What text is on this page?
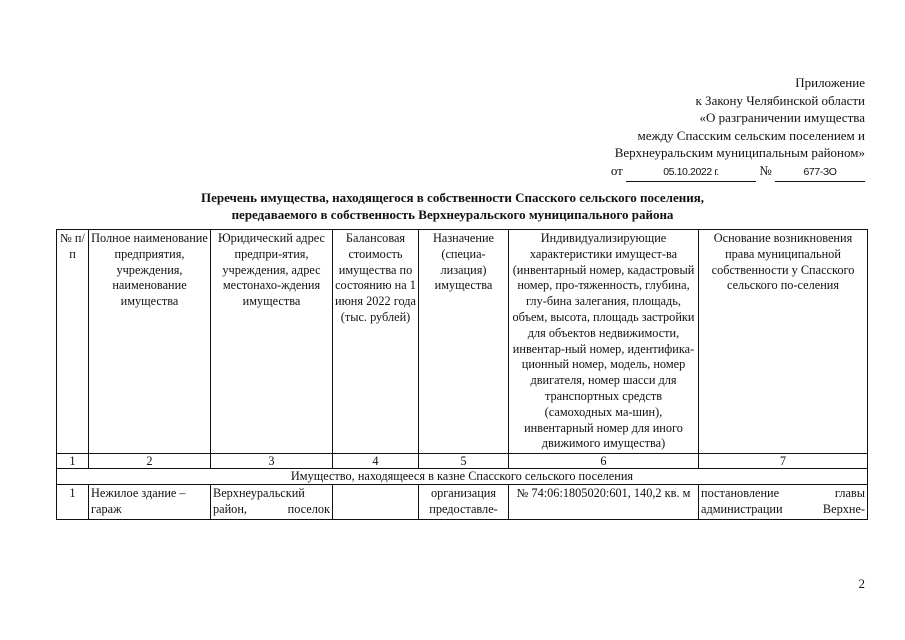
Приложение
к Закону Челябинской области
«О разграничении имущества
между Спасским сельским поселением и
Верхнеуральским муниципальным районом»
от	05.10.2022 г.	№	677-ЗО
Перечень имущества, находящегося в собственности Спасского сельского поселения,
передаваемого в собственность Верхнеуральского муниципального района
№ п/п	Полное наименование предприятия, учреждения, наименование имущества	Юридический адрес предпри-ятия, учреждения, адрес местонахо-ждения имущества	Балансовая стоимость имущества по состоянию на 1 июня 2022 года (тыс. рублей)	Назначение (специа-лизация) имущества	Индивидуализирующие характеристики имущест-ва (инвентарный номер, кадастровый номер, про-тяженность, глубина, глу-бина залегания, площадь, объем, высота, площадь застройки для объектов недвижимости, инвентар-ный номер, идентифика-ционный номер, модель, номер двигателя, номер шасси для транспортных средств (самоходных ма-шин), инвентарный номер для иного движимого имущества)	Основание возникновения права муниципальной собственности у Спасского сельского по-селения
1	2	3	4	5	6	7
Имущество, находящееся в казне Спасского сельского поселения						
1	Нежилое здание – гараж	Верхнеуральский район, поселок		организация предоставле-	№ 74:06:1805020:601, 140,2 кв. м	постановление главы администрации Верхне-
2
